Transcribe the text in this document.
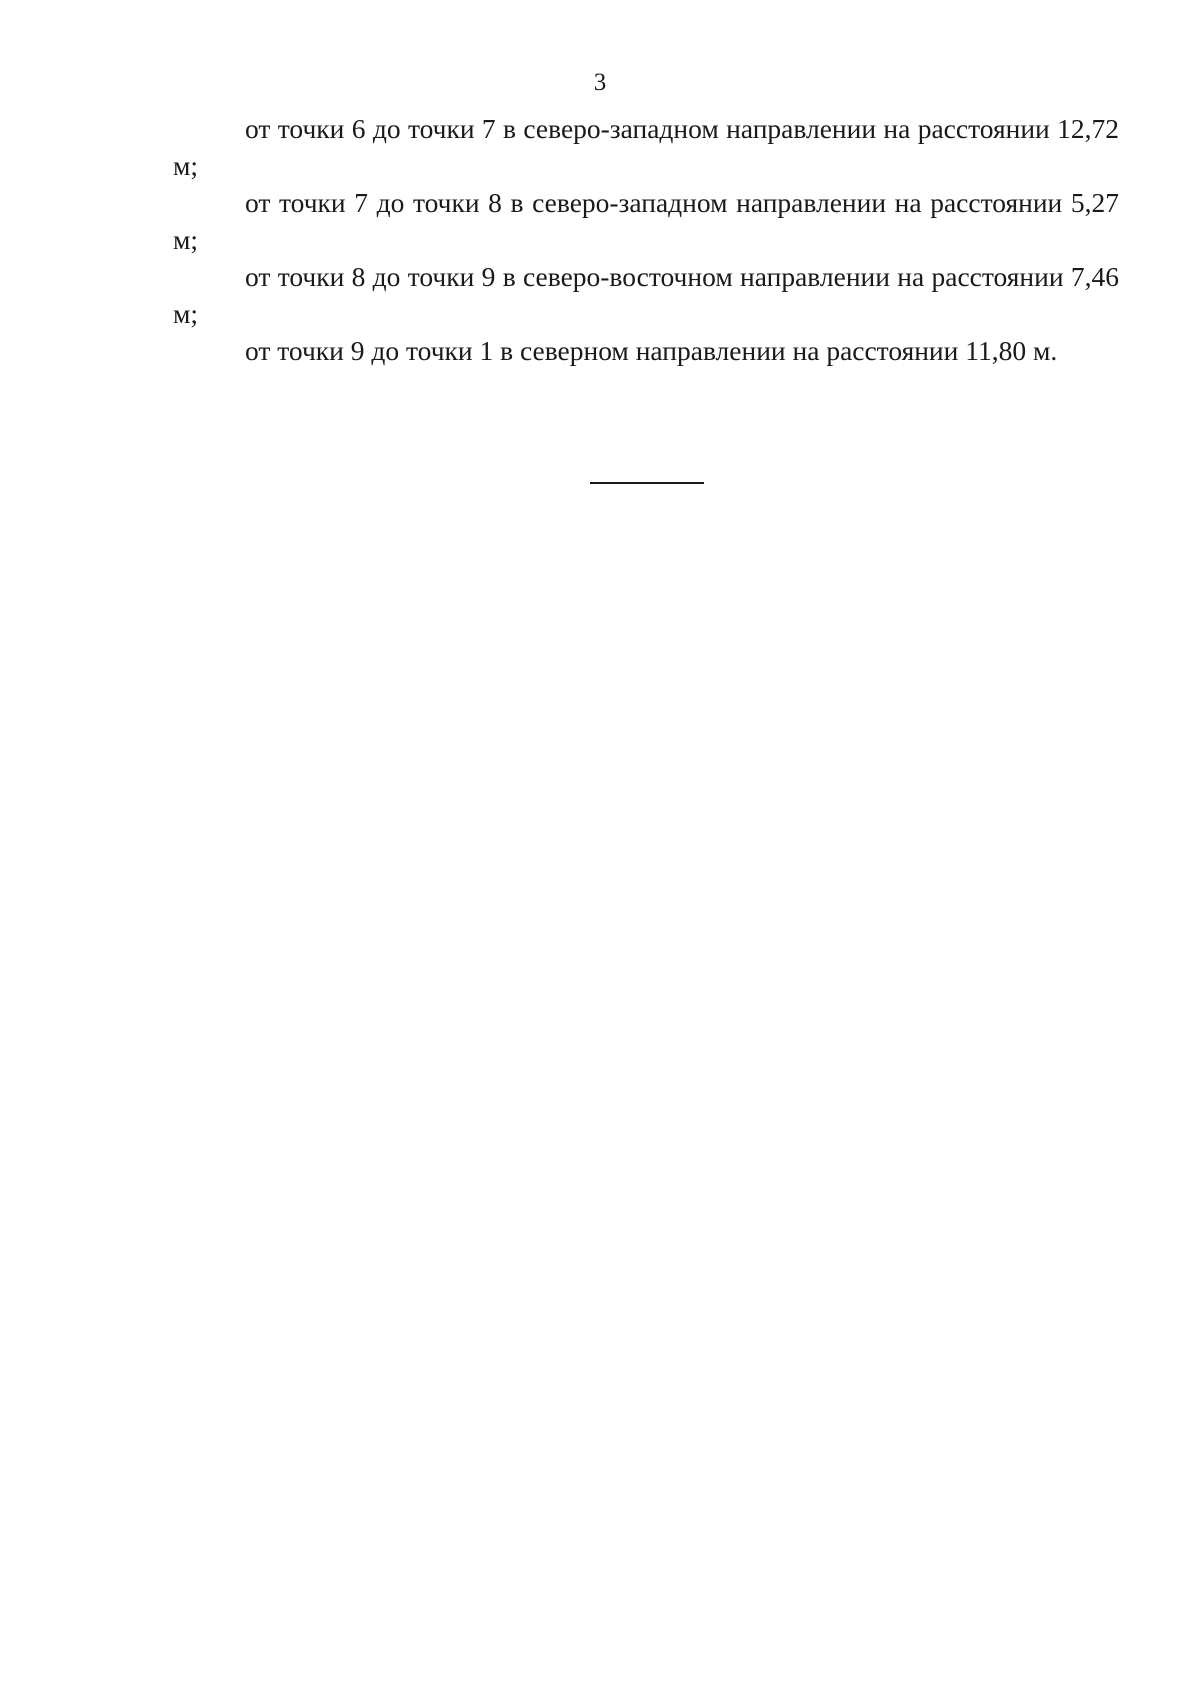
3

от точки 6 до точки 7 в северо-западном направлении на расстоянии 12,72 м;

от точки 7 до точки 8 в северо-западном направлении на расстоянии 5,27 м;

от точки 8 до точки 9 в северо-восточном направлении на расстоянии 7,46 м;

от точки 9 до точки 1 в северном направлении на расстоянии 11,80 м.
